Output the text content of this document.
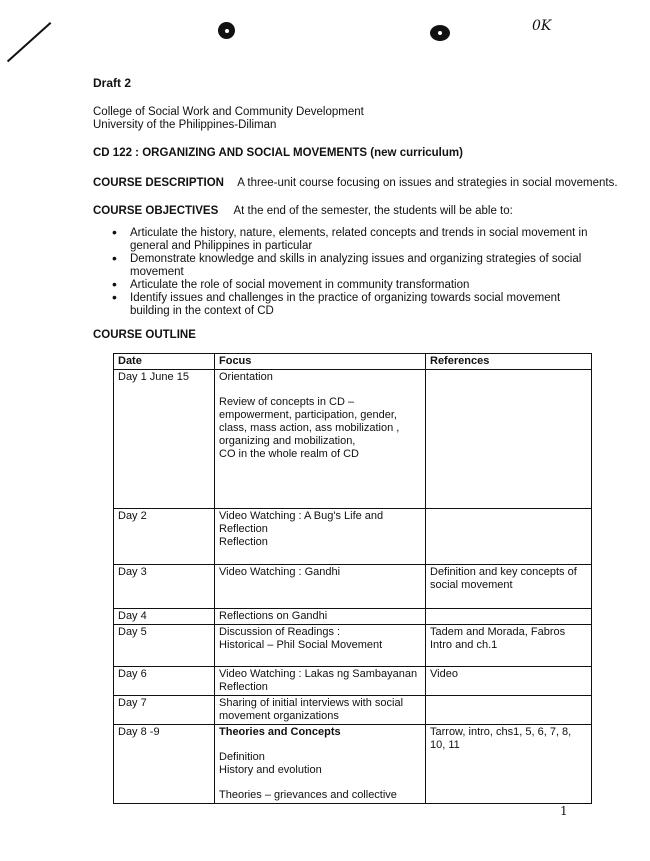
0K
Draft 2
College of Social Work and Community Development
University of the Philippines-Diliman
CD 122 : ORGANIZING AND SOCIAL MOVEMENTS (new curriculum)
COURSE DESCRIPTION A three-unit course focusing on issues and strategies in social movements.
COURSE OBJECTIVES At the end of the semester, the students will be able to:
• Articulate the history, nature, elements, related concepts and trends in social movement in general and Philippines in particular
• Demonstrate knowledge and skills in analyzing issues and organizing strategies of social movement
• Articulate the role of social movement in community transformation
• Identify issues and challenges in the practice of organizing towards social movement building in the context of CD
COURSE OUTLINE
Date	Focus	References
Day 1 June 15	Orientation
Review of concepts in CD – empowerment, participation, gender, class, mass action, ass mobilization , organizing and mobilization,
CO in the whole realm of CD	

Day 2	Video Watching : A Bug's Life and Reflection
Reflection	

Day 3	Video Watching : Gandhi	Definition and key concepts of social movement
Day 4	Reflections on Gandhi	
Day 5	Discussion of Readings :
Historical – Phil Social Movement	Tadem and Morada, Fabros Intro and ch.1
Day 6	Video Watching : Lakas ng Sambayanan
Reflection	Video
Day 7	Sharing of initial interviews with social movement organizations	
Day 8 -9	Theories and Concepts
Definition
History and evolution
Theories – grievances and collective	Tarrow, intro, chs1, 5, 6, 7, 8, 10, 11
1
